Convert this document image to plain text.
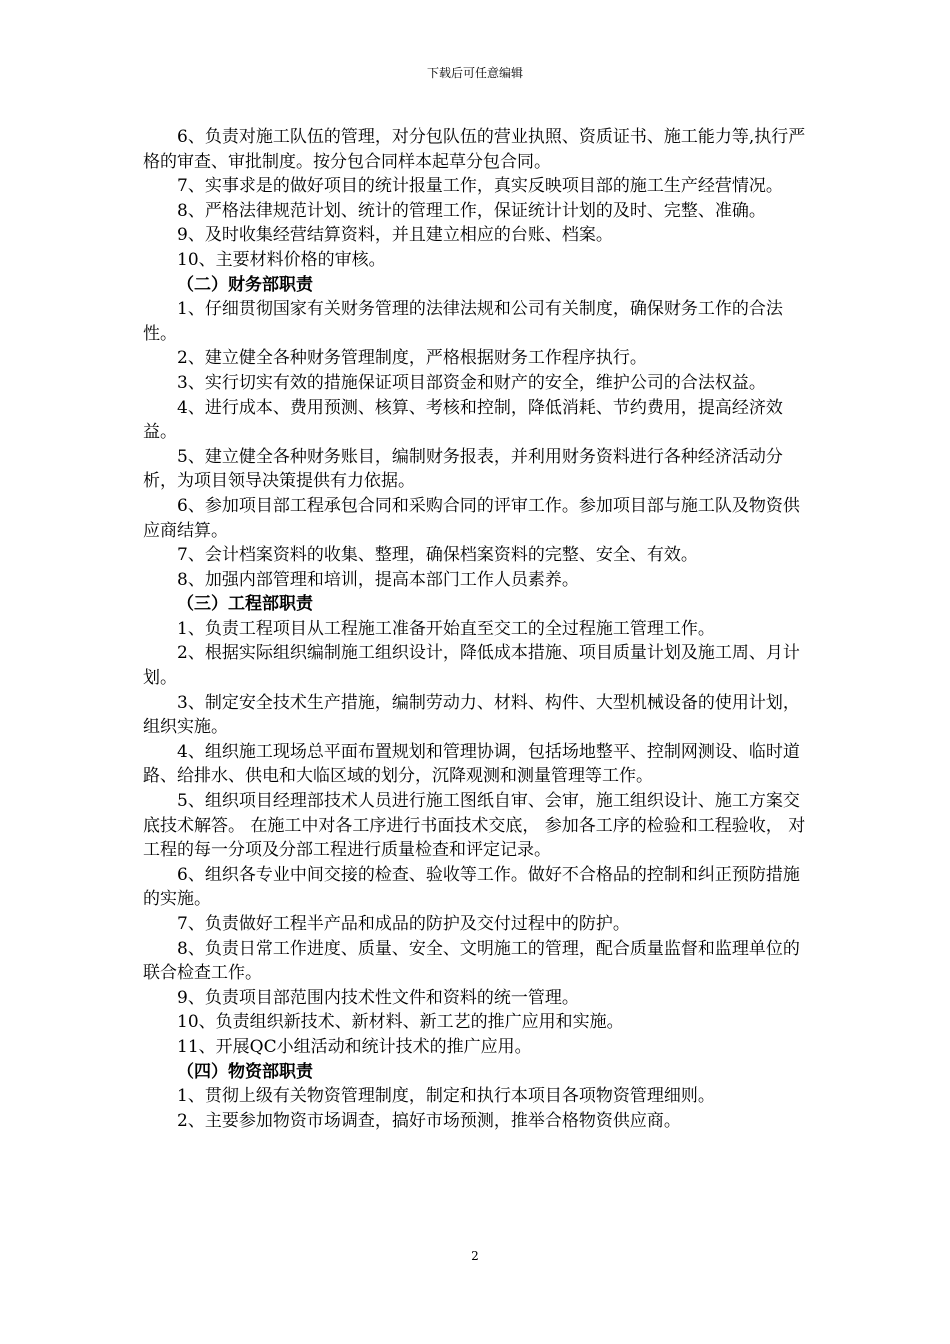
下载后可任意编辑

6、负责对施工队伍的管理，对分包队伍的营业执照、资质证书、施工能力等,执行严格的审查、审批制度。按分包合同样本起草分包合同。

7、实事求是的做好项目的统计报量工作，真实反映项目部的施工生产经营情况。

8、严格法律规范计划、统计的管理工作，保证统计计划的及时、完整、准确。

9、及时收集经营结算资料，并且建立相应的台账、档案。

10、主要材料价格的审核。

（二）财务部职责

1、仔细贯彻国家有关财务管理的法律法规和公司有关制度，确保财务工作的合法性。

2、建立健全各种财务管理制度，严格根据财务工作程序执行。

3、实行切实有效的措施保证项目部资金和财产的安全，维护公司的合法权益。

4、进行成本、费用预测、核算、考核和控制，降低消耗、节约费用，提高经济效益。

5、建立健全各种财务账目，编制财务报表，并利用财务资料进行各种经济活动分析，为项目领导决策提供有力依据。

6、参加项目部工程承包合同和采购合同的评审工作。参加项目部与施工队及物资供应商结算。

7、会计档案资料的收集、整理，确保档案资料的完整、安全、有效。

8、加强内部管理和培训，提高本部门工作人员素养。

（三）工程部职责

1、负责工程项目从工程施工准备开始直至交工的全过程施工管理工作。

2、根据实际组织编制施工组织设计，降低成本措施、项目质量计划及施工周、月计划。

3、制定安全技术生产措施，编制劳动力、材料、构件、大型机械设备的使用计划，组织实施。

4、组织施工现场总平面布置规划和管理协调，包括场地整平、控制网测设、临时道路、给排水、供电和大临区域的划分，沉降观测和测量管理等工作。

5、组织项目经理部技术人员进行施工图纸自审、会审，施工组织设计、施工方案交底技术解答。 在施工中对各工序进行书面技术交底， 参加各工序的检验和工程验收， 对工程的每一分项及分部工程进行质量检查和评定记录。

6、组织各专业中间交接的检查、验收等工作。做好不合格品的控制和纠正预防措施的实施。

7、负责做好工程半产品和成品的防护及交付过程中的防护。

8、负责日常工作进度、质量、安全、文明施工的管理，配合质量监督和监理单位的联合检查工作。

9、负责项目部范围内技术性文件和资料的统一管理。

10、负责组织新技术、新材料、新工艺的推广应用和实施。

11、开展QC小组活动和统计技术的推广应用。

（四）物资部职责

1、贯彻上级有关物资管理制度，制定和执行本项目各项物资管理细则。

2、主要参加物资市场调查，搞好市场预测，推举合格物资供应商。

2
